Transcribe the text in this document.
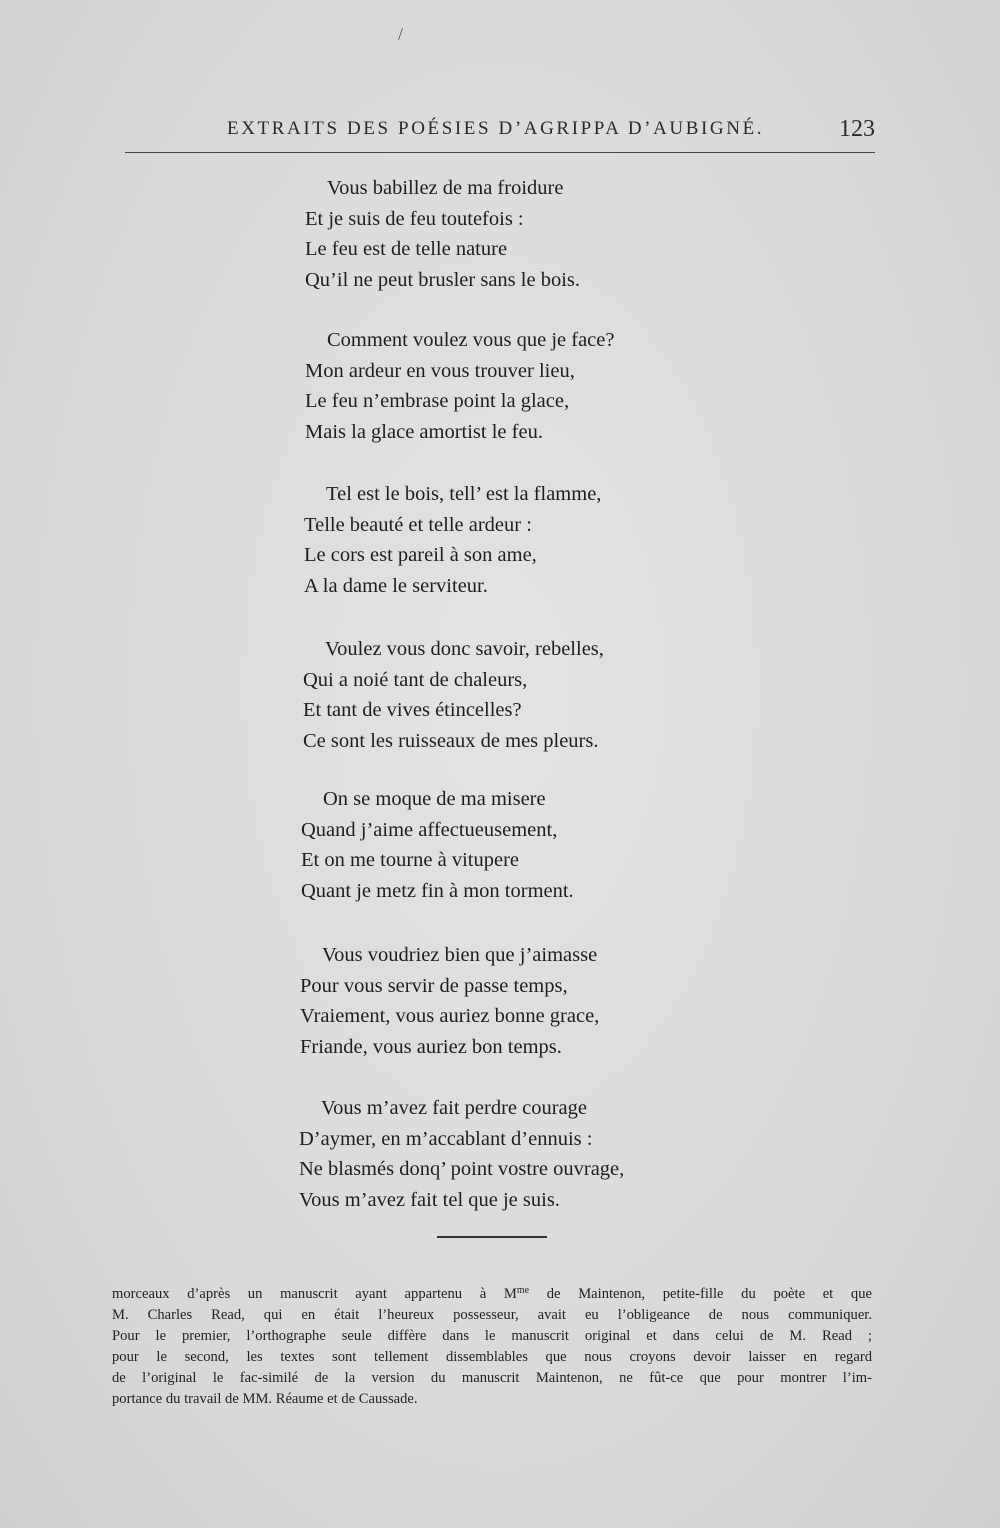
/
EXTRAITS DES POÉSIES D’AGRIPPA D’AUBIGNÉ.	123
Vous babillez de ma froidure
Et je suis de feu toutefois :
Le feu est de telle nature
Qu’il ne peut brusler sans le bois.
Comment voulez vous que je face?
Mon ardeur en vous trouver lieu,
Le feu n’embrase point la glace,
Mais la glace amortist le feu.
Tel est le bois, tell’ est la flamme,
Telle beauté et telle ardeur :
Le cors est pareil à son ame,
A la dame le serviteur.
Voulez vous donc savoir, rebelles,
Qui a noié tant de chaleurs,
Et tant de vives étincelles?
Ce sont les ruisseaux de mes pleurs.
On se moque de ma misere
Quand j’aime affectueusement,
Et on me tourne à vitupere
Quant je metz fin à mon torment.
Vous voudriez bien que j’aimasse
Pour vous servir de passe temps,
Vraiement, vous auriez bonne grace,
Friande, vous auriez bon temps.
Vous m’avez fait perdre courage
D’aymer, en m’accablant d’ennuis :
Ne blasmés donq’ point vostre ouvrage,
Vous m’avez fait tel que je suis.
morceaux d’après un manuscrit ayant appartenu à $M^{me}$ de Maintenon, petite-fille du poète et que
M. Charles Read, qui en était l’heureux possesseur, avait eu l’obligeance de nous communiquer.
Pour le premier, l’orthographe seule diffère dans le manuscrit original et dans celui de M. Read ;
pour le second, les textes sont tellement dissemblables que nous croyons devoir laisser en regard
de l’original le fac-similé de la version du manuscrit Maintenon, ne fût-ce que pour montrer l’im-
portance du travail de MM. Réaume et de Caussade.
